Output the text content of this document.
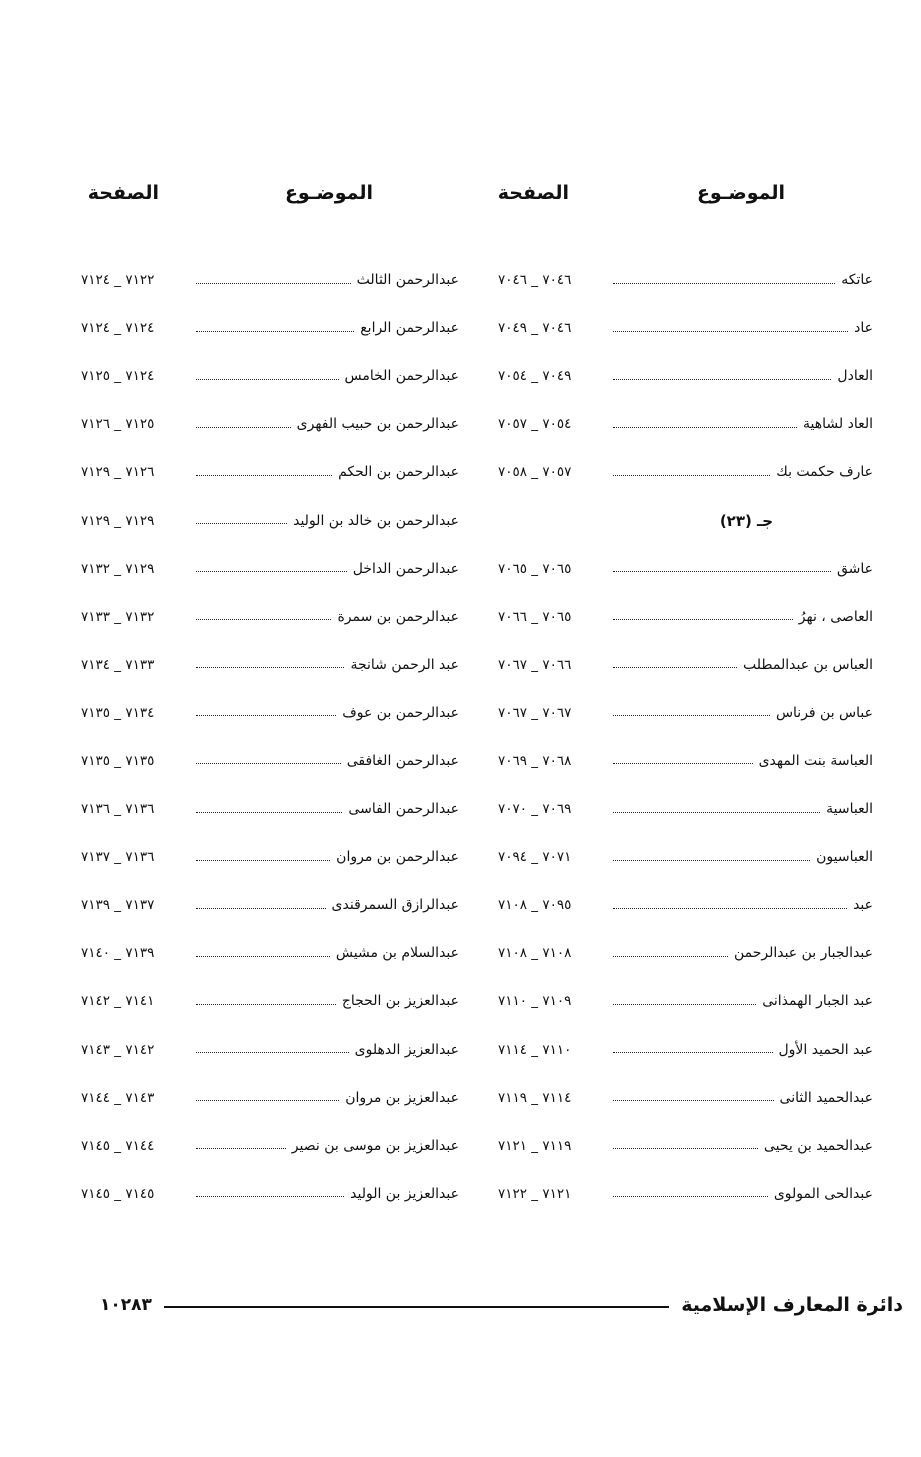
الموضـوع
الصفحة
الموضـوع
الصفحة
عاتكه
٧٠٤٦ _ ٧٠٤٦
عاد
٧٠٤٦ _ ٧٠٤٩
العادل
٧٠٤٩ _ ٧٠٥٤
العاد لشاهية
٧٠٥٤ _ ٧٠٥٧
عارف حكمت بك
٧٠٥٧ _ ٧٠٥٨
جـ (٢٣)
عاشق
٧٠٦٥ _ ٧٠٦٥
العاصى ، نهرُ
٧٠٦٥ _ ٧٠٦٦
العباس بن عبدالمطلب
٧٠٦٦ _ ٧٠٦٧
عباس بن فرناس
٧٠٦٧ _ ٧٠٦٧
العباسة بنت المهدى
٧٠٦٨ _ ٧٠٦٩
العباسية
٧٠٦٩ _ ٧٠٧٠
العباسيون
٧٠٧١ _ ٧٠٩٤
عبد
٧٠٩٥ _ ٧١٠٨
عبدالجبار بن عبدالرحمن
٧١٠٨ _ ٧١٠٨
عبد الجبار الهمذانى
٧١٠٩ _ ٧١١٠
عبد الحميد الأول
٧١١٠ _ ٧١١٤
عبدالحميد الثانى
٧١١٤ _ ٧١١٩
عبدالحميد بن يحيى
٧١١٩ _ ٧١٢١
عبدالحى المولوى
٧١٢١ _ ٧١٢٢
عبدالرحمن الثالث
٧١٢٢ _ ٧١٢٤
عبدالرحمن الرابع
٧١٢٤ _ ٧١٢٤
عبدالرحمن الخامس
٧١٢٤ _ ٧١٢٥
عبدالرحمن بن حبيب الفهرى
٧١٢٥ _ ٧١٢٦
عبدالرحمن بن الحكم
٧١٢٦ _ ٧١٢٩
عبدالرحمن بن خالد بن الوليد
٧١٢٩ _ ٧١٢٩
عبدالرحمن الداخل
٧١٢٩ _ ٧١٣٢
عبدالرحمن بن سمرة
٧١٣٢ _ ٧١٣٣
عبد الرحمن شانجة
٧١٣٣ _ ٧١٣٤
عبدالرحمن بن عوف
٧١٣٤ _ ٧١٣٥
عبدالرحمن الغافقى
٧١٣٥ _ ٧١٣٥
عبدالرحمن الفاسى
٧١٣٦ _ ٧١٣٦
عبدالرحمن بن مروان
٧١٣٦ _ ٧١٣٧
عبدالرازق السمرقندى
٧١٣٧ _ ٧١٣٩
عبدالسلام بن مشيش
٧١٣٩ _ ٧١٤٠
عبدالعزيز بن الحجاج
٧١٤١ _ ٧١٤٢
عبدالعزيز الدهلوى
٧١٤٢ _ ٧١٤٣
عبدالعزيز بن مروان
٧١٤٣ _ ٧١٤٤
عبدالعزيز بن موسى بن نصير
٧١٤٤ _ ٧١٤٥
عبدالعزيز بن الوليد
٧١٤٥ _ ٧١٤٥
١٠٢٨٣	دائرة المعارف الإسلامية
